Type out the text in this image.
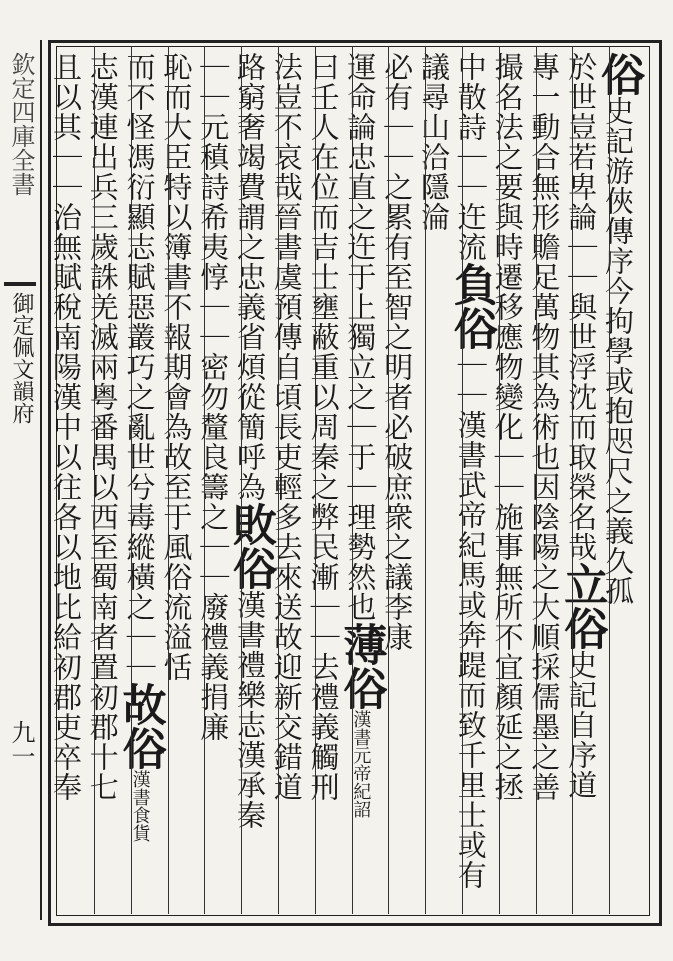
欽定四庫全書
御定佩文韻府
九一
俗史記游俠傳序今拘學或抱咫尺之義久孤
於世豈若卑論｜｜與世浮沈而取榮名哉立俗史記自序道
專一動合無形贍足萬物其為術也因陰陽之大順採儒墨之善
撮名法之要與時遷移應物變化｜｜施事無所不宜顏延之拯
中散詩｜｜迕流負俗｜｜漢書武帝紀馬或奔踶而致千里士或有
議尋山洽隱淪
必有｜｜之累有至智之明者必破庶衆之議李康
運命論忠直之迕于上獨立之｜于｜理勢然也薄俗漢書元帝紀詔
曰壬人在位而吉士壅蔽重以周秦之弊民漸｜｜去禮義觸刑
法豈不哀哉晉書虞預傳自頃長吏輕多去來送故迎新交錯道
路窮奢竭費謂之忠義省煩從簡呼為敗俗漢書禮樂志漢承秦
｜｜元稹詩希夷惇｜｜密勿釐良籌之｜｜廢禮義捐廉
恥而大臣特以簿書不報期會為故至于風俗流溢恬
而不怪馮衍顯志賦惡叢巧之亂世兮毒縱橫之｜｜故俗漢書食貨
志漢連出兵三歲誅羌滅兩粤番禺以西至蜀南者置初郡十七
且以其｜｜治無賦稅南陽漢中以往各以地比給初郡吏卒奉
